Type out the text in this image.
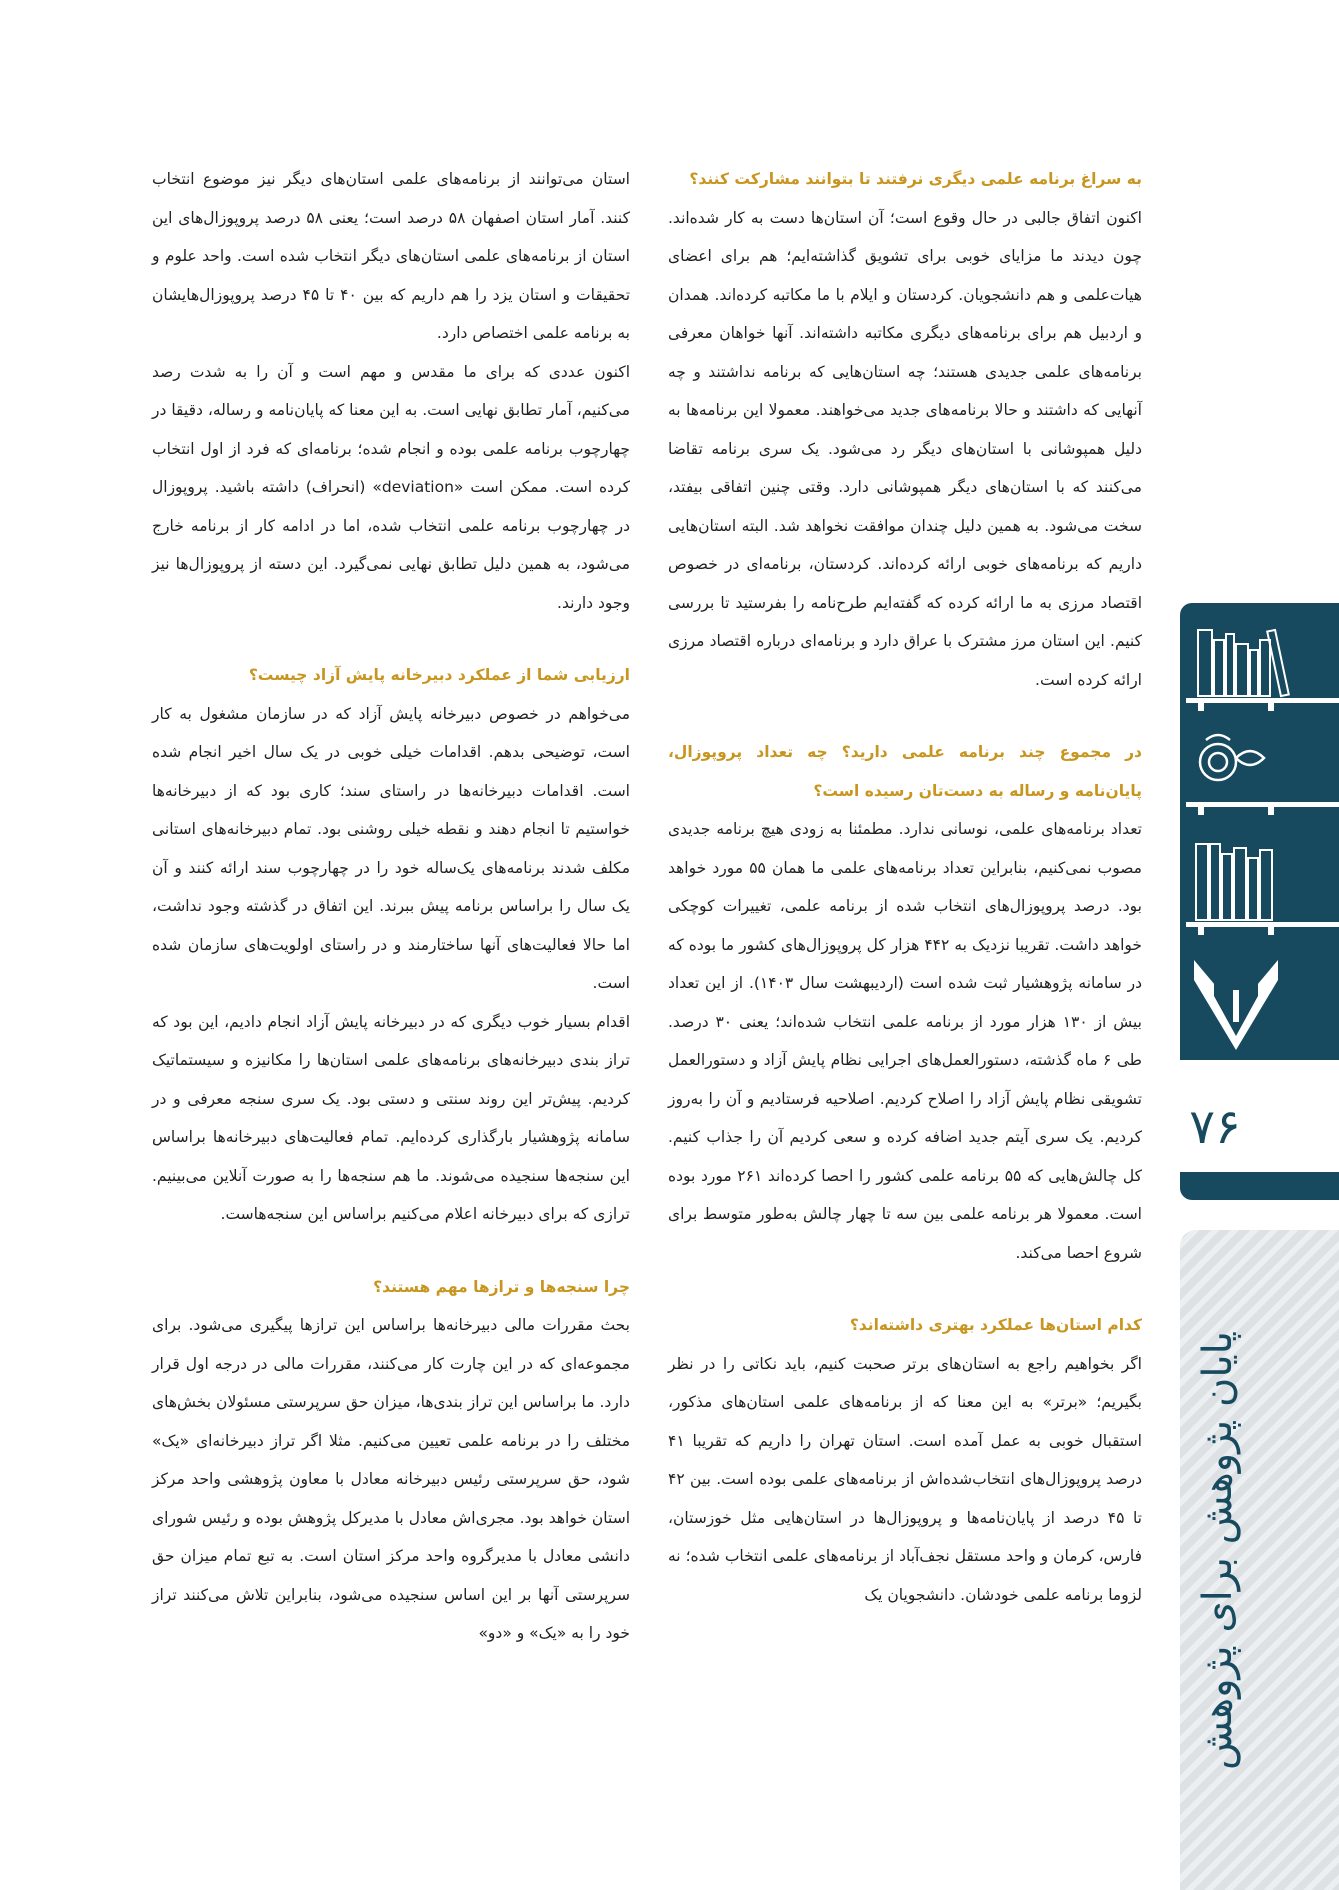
به سراغ برنامه علمی دیگری نرفتند تا بتوانند مشارکت کنند؟

اکنون اتفاق جالبی در حال وقوع است؛ آن استان‌ها دست به کار شده‌اند. چون دیدند ما مزایای خوبی برای تشویق گذاشته‌ایم؛ هم برای اعضای هیات‌علمی و هم دانشجویان. کردستان و ایلام با ما مکاتبه کرده‌اند. همدان و اردبیل هم برای برنامه‌های دیگری مکاتبه داشته‌اند. آنها خواهان معرفی برنامه‌های علمی جدیدی هستند؛ چه استان‌هایی که برنامه نداشتند و چه آنهایی که داشتند و حالا برنامه‌های جدید می‌خواهند. معمولا این برنامه‌ها به دلیل همپوشانی با استان‌های دیگر رد می‌شود. یک سری برنامه تقاضا می‌کنند که با استان‌های دیگر همپوشانی دارد. وقتی چنین اتفاقی بیفتد، سخت می‌شود. به همین دلیل چندان موافقت نخواهد شد. البته استان‌هایی داریم که برنامه‌های خوبی ارائه کرده‌اند. کردستان، برنامه‌ای در خصوص اقتصاد مرزی به ما ارائه کرده که گفته‌ایم طرح‌نامه را بفرستید تا بررسی کنیم. این استان مرز مشترک با عراق دارد و برنامه‌ای درباره اقتصاد مرزی ارائه کرده است.

در مجموع چند برنامه علمی دارید؟ چه تعداد پروپوزال، پایان‌نامه و رساله به دست‌تان رسیده است؟

تعداد برنامه‌های علمی، نوسانی ندارد. مطمئنا به زودی هیچ برنامه جدیدی مصوب نمی‌کنیم، بنابراین تعداد برنامه‌های علمی ما همان ۵۵ مورد خواهد بود. درصد پروپوزال‌های انتخاب شده از برنامه علمی، تغییرات کوچکی خواهد داشت. تقریبا نزدیک به ۴۴۲ هزار کل پروپوزال‌های کشور ما بوده که در سامانه پژوهشیار ثبت شده است (اردیبهشت سال ۱۴۰۳). از این تعداد بیش از ۱۳۰ هزار مورد از برنامه علمی انتخاب شده‌اند؛ یعنی ۳۰ درصد. طی ۶ ماه گذشته، دستورالعمل‌های اجرایی نظام پایش آزاد و دستورالعمل تشویقی نظام پایش آزاد را اصلاح کردیم. اصلاحیه فرستادیم و آن را به‌روز کردیم. یک سری آیتم جدید اضافه کرده و سعی کردیم آن را جذاب کنیم. کل چالش‌هایی که ۵۵ برنامه علمی کشور را احصا کرده‌اند ۲۶۱ مورد بوده است. معمولا هر برنامه علمی بین سه تا چهار چالش به‌طور متوسط برای شروع احصا می‌کند.

کدام استان‌ها عملکرد بهتری داشته‌اند؟

اگر بخواهیم راجع به استان‌های برتر صحبت کنیم، باید نکاتی را در نظر بگیریم؛ «برتر» به این معنا که از برنامه‌های علمی استان‌های مذکور، استقبال خوبی به عمل آمده است. استان تهران را داریم که تقریبا ۴۱ درصد پروپوزال‌های انتخاب‌شده‌اش از برنامه‌های علمی بوده است. بین ۴۲ تا ۴۵ درصد از پایان‌نامه‌ها و پروپوزال‌ها در استان‌هایی مثل خوزستان، فارس، کرمان و واحد مستقل نجف‌آباد از برنامه‌های علمی انتخاب شده؛ نه لزوما برنامه علمی خودشان. دانشجویان یک

استان می‌توانند از برنامه‌های علمی استان‌های دیگر نیز موضوع انتخاب کنند. آمار استان اصفهان ۵۸ درصد است؛ یعنی ۵۸ درصد پروپوزال‌های این استان از برنامه‌های علمی استان‌های دیگر انتخاب شده است. واحد علوم و تحقیقات و استان یزد را هم داریم که بین ۴۰ تا ۴۵ درصد پروپوزال‌هایشان به برنامه علمی اختصاص دارد.

اکنون عددی که برای ما مقدس و مهم است و آن را به شدت رصد می‌کنیم، آمار تطابق نهایی است. به این معنا که پایان‌نامه و رساله، دقیقا در چهارچوب برنامه علمی بوده و انجام شده؛ برنامه‌ای که فرد از اول انتخاب کرده است. ممکن است «deviation» (انحراف) داشته باشید. پروپوزال در چهارچوب برنامه علمی انتخاب شده، اما در ادامه کار از برنامه خارج می‌شود، به همین دلیل تطابق نهایی نمی‌گیرد. این دسته از پروپوزال‌ها نیز وجود دارند.

ارزیابی شما از عملکرد دبیرخانه پایش آزاد چیست؟

می‌خواهم در خصوص دبیرخانه پایش آزاد که در سازمان مشغول به کار است، توضیحی بدهم. اقدامات خیلی خوبی در یک سال اخیر انجام شده است. اقدامات دبیرخانه‌ها در راستای سند؛ کاری بود که از دبیرخانه‌ها خواستیم تا انجام دهند و نقطه خیلی روشنی بود. تمام دبیرخانه‌های استانی مکلف شدند برنامه‌های یک‌ساله خود را در چهارچوب سند ارائه کنند و آن یک سال را براساس برنامه پیش ببرند. این اتفاق در گذشته وجود نداشت، اما حالا فعالیت‌های آنها ساختارمند و در راستای اولویت‌های سازمان شده است.

اقدام بسیار خوب دیگری که در دبیرخانه پایش آزاد انجام دادیم، این بود که تراز بندی دبیرخانه‌های برنامه‌های علمی استان‌ها را مکانیزه و سیستماتیک کردیم. پیش‌تر این روند سنتی و دستی بود. یک سری سنجه معرفی و در سامانه پژوهشیار بارگذاری کرده‌ایم. تمام فعالیت‌های دبیرخانه‌ها براساس این سنجه‌ها سنجیده می‌شوند. ما هم سنجه‌ها را به صورت آنلاین می‌بینیم. ترازی که برای دبیرخانه اعلام می‌کنیم براساس این سنجه‌هاست.

چرا سنجه‌ها و ترازها مهم هستند؟

بحث مقررات مالی دبیرخانه‌ها براساس این ترازها پیگیری می‌شود. برای مجموعه‌ای که در این چارت کار می‌کنند، مقررات مالی در درجه اول قرار دارد. ما براساس این تراز بندی‌ها، میزان حق سرپرستی مسئولان بخش‌های مختلف را در برنامه علمی تعیین می‌کنیم. مثلا اگر تراز دبیرخانه‌ای «یک» شود، حق سرپرستی رئیس دبیرخانه معادل با معاون پژوهشی واحد مرکز استان خواهد بود. مجری‌اش معادل با مدیرکل پژوهش بوده و رئیس شورای دانشی معادل با مدیرگروه واحد مرکز استان است. به تبع تمام میزان حق سرپرستی آنها بر این اساس سنجیده می‌شود، بنابراین تلاش می‌کنند تراز خود را به «یک» و «دو»

۷۶
پایان پژوهش برای پژوهش
